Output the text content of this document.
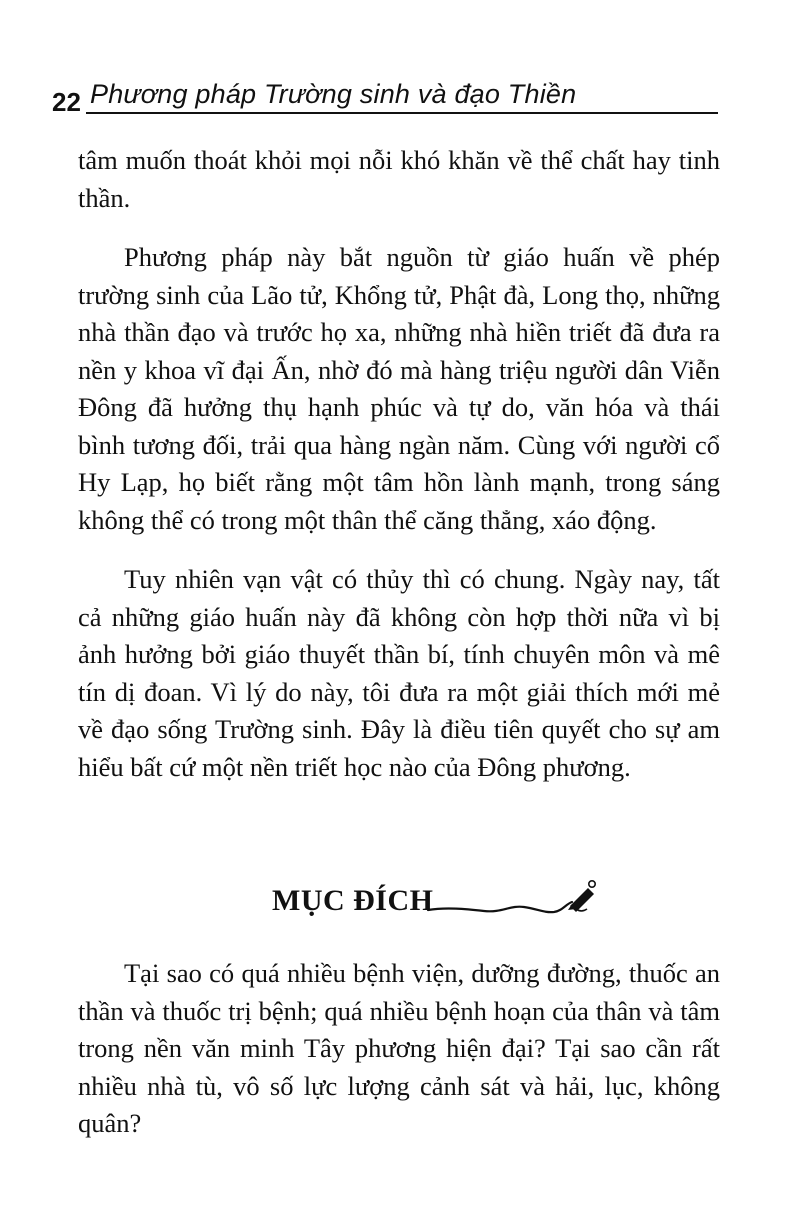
22 Phương pháp Trường sinh và đạo Thiền

tâm muốn thoát khỏi mọi nỗi khó khăn về thể chất hay tinh thần.

Phương pháp này bắt nguồn từ giáo huấn về phép trường sinh của Lão tử, Khổng tử, Phật đà, Long thọ, những nhà thần đạo và trước họ xa, những nhà hiền triết đã đưa ra nền y khoa vĩ đại Ấn, nhờ đó mà hàng triệu người dân Viễn Đông đã hưởng thụ hạnh phúc và tự do, văn hóa và thái bình tương đối, trải qua hàng ngàn năm. Cùng với người cổ Hy Lạp, họ biết rằng một tâm hồn lành mạnh, trong sáng không thể có trong một thân thể căng thẳng, xáo động.

Tuy nhiên vạn vật có thủy thì có chung. Ngày nay, tất cả những giáo huấn này đã không còn hợp thời nữa vì bị ảnh hưởng bởi giáo thuyết thần bí, tính chuyên môn và mê tín dị đoan. Vì lý do này, tôi đưa ra một giải thích mới mẻ về đạo sống Trường sinh. Đây là điều tiên quyết cho sự am hiểu bất cứ một nền triết học nào của Đông phương.

MỤC ĐÍCH

Tại sao có quá nhiều bệnh viện, dưỡng đường, thuốc an thần và thuốc trị bệnh; quá nhiều bệnh hoạn của thân và tâm trong nền văn minh Tây phương hiện đại? Tại sao cần rất nhiều nhà tù, vô số lực lượng cảnh sát và hải, lục, không quân?
